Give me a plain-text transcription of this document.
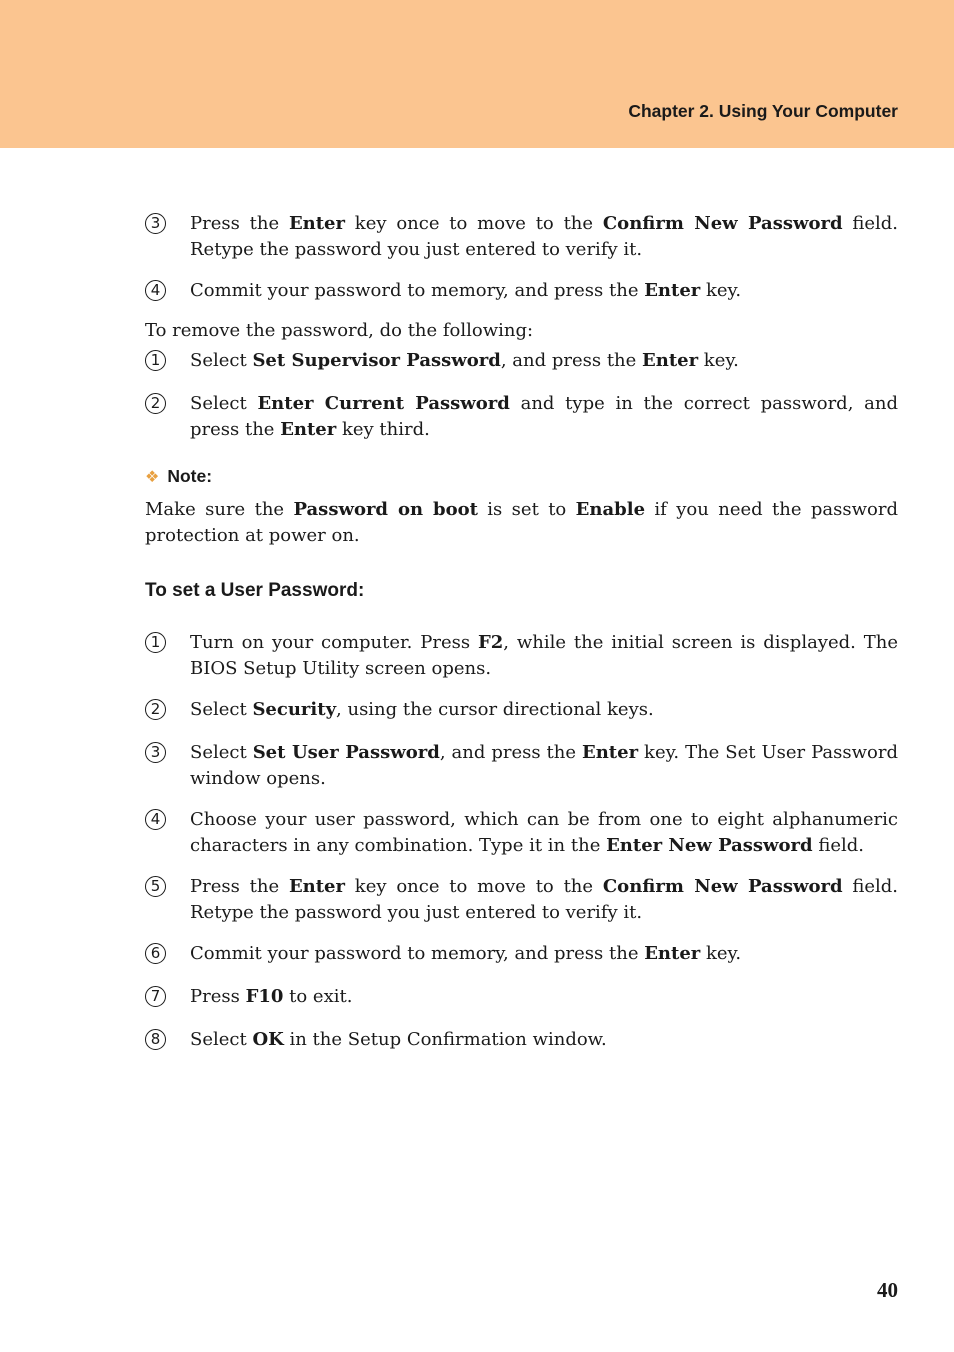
Chapter 2. Using Your Computer
3	Press the Enter key once to move to the Confirm New Password field. Retype the password you just entered to verify it.
4	Commit your password to memory, and press the Enter key.
To remove the password, do the following:
1	Select Set Supervisor Password, and press the Enter key.
2	Select Enter Current Password and type in the correct password, and press the Enter key third.
❖ Note:
Make sure the Password on boot is set to Enable if you need the password protection at power on.
To set a User Password:
1	Turn on your computer. Press F2, while the initial screen is displayed. The BIOS Setup Utility screen opens.
2	Select Security, using the cursor directional keys.
3	Select Set User Password, and press the Enter key. The Set User Password window opens.
4	Choose your user password, which can be from one to eight alphanumeric characters in any combination. Type it in the Enter New Password field.
5	Press the Enter key once to move to the Confirm New Password field. Retype the password you just entered to verify it.
6	Commit your password to memory, and press the Enter key.
7	Press F10 to exit.
8	Select OK in the Setup Confirmation window.
40
